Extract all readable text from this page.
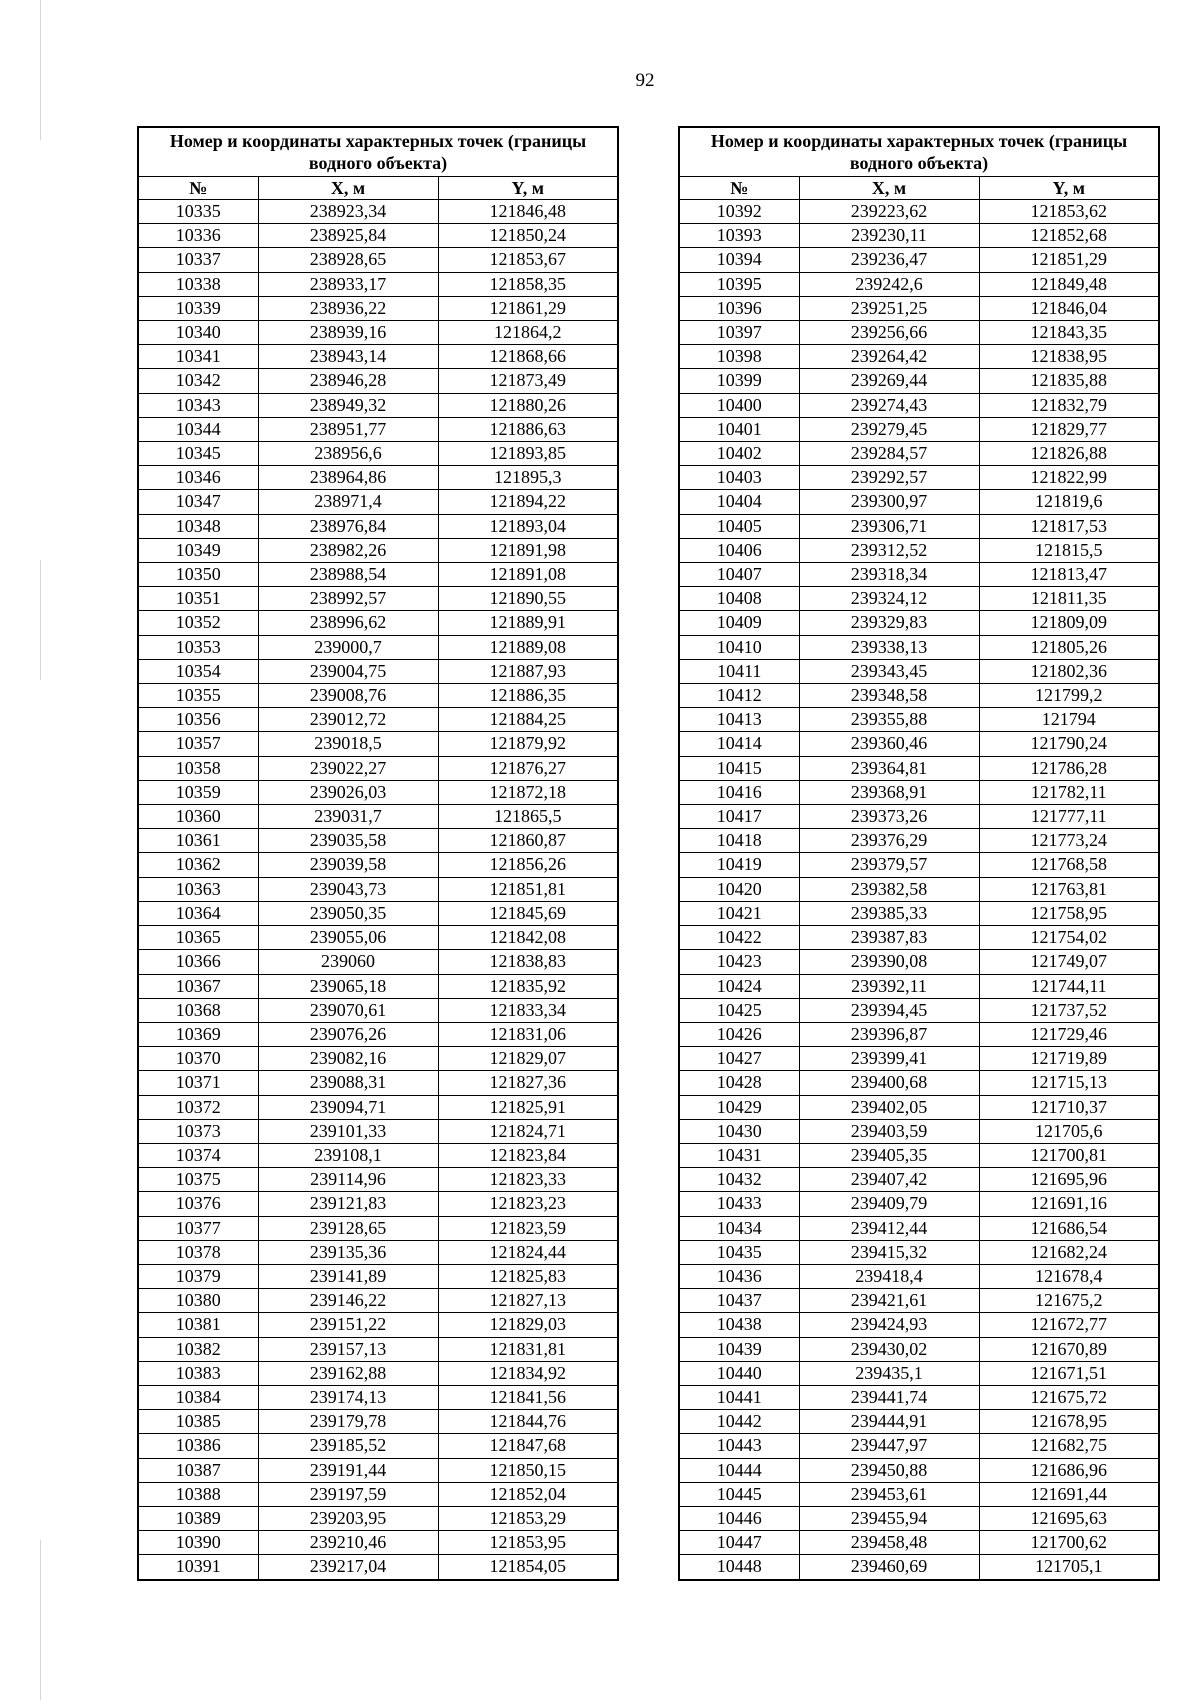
92
Номер и координаты характерных точек (границы водного объекта)		
№	X, м	Y, м
10335	238923,34	121846,48
10336	238925,84	121850,24
10337	238928,65	121853,67
10338	238933,17	121858,35
10339	238936,22	121861,29
10340	238939,16	121864,2
10341	238943,14	121868,66
10342	238946,28	121873,49
10343	238949,32	121880,26
10344	238951,77	121886,63
10345	238956,6	121893,85
10346	238964,86	121895,3
10347	238971,4	121894,22
10348	238976,84	121893,04
10349	238982,26	121891,98
10350	238988,54	121891,08
10351	238992,57	121890,55
10352	238996,62	121889,91
10353	239000,7	121889,08
10354	239004,75	121887,93
10355	239008,76	121886,35
10356	239012,72	121884,25
10357	239018,5	121879,92
10358	239022,27	121876,27
10359	239026,03	121872,18
10360	239031,7	121865,5
10361	239035,58	121860,87
10362	239039,58	121856,26
10363	239043,73	121851,81
10364	239050,35	121845,69
10365	239055,06	121842,08
10366	239060	121838,83
10367	239065,18	121835,92
10368	239070,61	121833,34
10369	239076,26	121831,06
10370	239082,16	121829,07
10371	239088,31	121827,36
10372	239094,71	121825,91
10373	239101,33	121824,71
10374	239108,1	121823,84
10375	239114,96	121823,33
10376	239121,83	121823,23
10377	239128,65	121823,59
10378	239135,36	121824,44
10379	239141,89	121825,83
10380	239146,22	121827,13
10381	239151,22	121829,03
10382	239157,13	121831,81
10383	239162,88	121834,92
10384	239174,13	121841,56
10385	239179,78	121844,76
10386	239185,52	121847,68
10387	239191,44	121850,15
10388	239197,59	121852,04
10389	239203,95	121853,29
10390	239210,46	121853,95
10391	239217,04	121854,05
Номер и координаты характерных точек (границы водного объекта)		
№	X, м	Y, м
10392	239223,62	121853,62
10393	239230,11	121852,68
10394	239236,47	121851,29
10395	239242,6	121849,48
10396	239251,25	121846,04
10397	239256,66	121843,35
10398	239264,42	121838,95
10399	239269,44	121835,88
10400	239274,43	121832,79
10401	239279,45	121829,77
10402	239284,57	121826,88
10403	239292,57	121822,99
10404	239300,97	121819,6
10405	239306,71	121817,53
10406	239312,52	121815,5
10407	239318,34	121813,47
10408	239324,12	121811,35
10409	239329,83	121809,09
10410	239338,13	121805,26
10411	239343,45	121802,36
10412	239348,58	121799,2
10413	239355,88	121794
10414	239360,46	121790,24
10415	239364,81	121786,28
10416	239368,91	121782,11
10417	239373,26	121777,11
10418	239376,29	121773,24
10419	239379,57	121768,58
10420	239382,58	121763,81
10421	239385,33	121758,95
10422	239387,83	121754,02
10423	239390,08	121749,07
10424	239392,11	121744,11
10425	239394,45	121737,52
10426	239396,87	121729,46
10427	239399,41	121719,89
10428	239400,68	121715,13
10429	239402,05	121710,37
10430	239403,59	121705,6
10431	239405,35	121700,81
10432	239407,42	121695,96
10433	239409,79	121691,16
10434	239412,44	121686,54
10435	239415,32	121682,24
10436	239418,4	121678,4
10437	239421,61	121675,2
10438	239424,93	121672,77
10439	239430,02	121670,89
10440	239435,1	121671,51
10441	239441,74	121675,72
10442	239444,91	121678,95
10443	239447,97	121682,75
10444	239450,88	121686,96
10445	239453,61	121691,44
10446	239455,94	121695,63
10447	239458,48	121700,62
10448	239460,69	121705,1
